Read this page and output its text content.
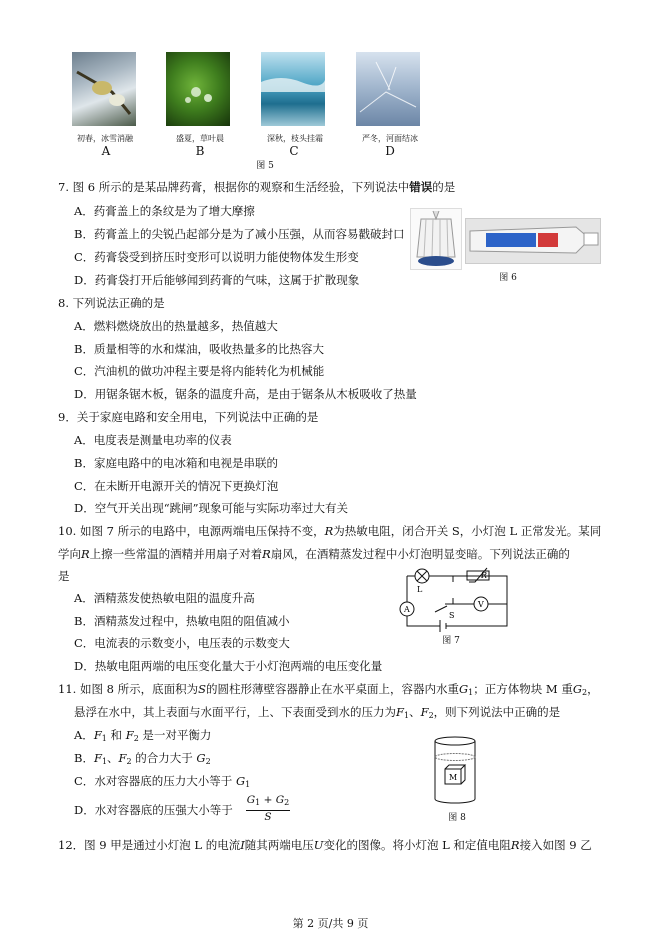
初春，冰雪消融	盛夏，草叶晨	深秋，枝头挂霜	严冬，河面结冰
A	B	C	D
图 5
7. 图 6 所示的是某品牌药膏，根据你的观察和生活经验，下列说法中错误的是
A．药膏盖上的条纹是为了增大摩擦
B．药膏盖上的尖锐凸起部分是为了减小压强，从而容易戳破封口
C．药膏袋受到挤压时变形可以说明力能使物体发生形变
D．药膏袋打开后能够闻到药膏的气味，这属于扩散现象	图 6
8. 下列说法正确的是
A．燃料燃烧放出的热量越多，热值越大
B．质量相等的水和煤油，吸收热量多的比热容大
C．汽油机的做功冲程主要是将内能转化为机械能
D．用锯条锯木板，锯条的温度升高，是由于锯条从木板吸收了热量
9．关于家庭电路和安全用电，下列说法中正确的是
A．电度表是测量电功率的仪表
B．家庭电路中的电冰箱和电视是串联的
C．在未断开电源开关的情况下更换灯泡
D．空气开关出现“跳闸”现象可能与实际功率过大有关
10. 如图 7 所示的电路中，电源两端电压保持不变，R为热敏电阻，闭合开关 S，小灯泡 L 正常发光。某同
学向R上擦一些常温的酒精并用扇子对着R扇风，在酒精蒸发过程中小灯泡明显变暗。下列说法正确的
是
A．酒精蒸发使热敏电阻的温度升高
B．酒精蒸发过程中，热敏电阻的阻值减小
C．电流表的示数变小，电压表的示数变大
D．热敏电阻两端的电压变化量大于小灯泡两端的电压变化量
L
R
A
V
S
图 7
11. 如图 8 所示，底面积为S的圆柱形薄壁容器静止在水平桌面上，容器内水重$G_1$；正方体物块 M 重$G_2$，
悬浮在水中，其上表面与水面平行，上、下表面受到水的压力为$F_1$、$F_2$，则下列说法中正确的是
A．$F_1$ 和 $F_2$ 是一对平衡力
B．$F_1$、$F_2$ 的合力大于 $G_2$
C．水对容器底的压力大小等于 $G_1$
D．水对容器底的压强大小等于 $\frac{G_1 + G_2}{S}$
M
图 8
12．图 9 甲是通过小灯泡 L 的电流I随其两端电压U变化的图像。将小灯泡 L 和定值电阻R接入如图 9 乙
第 2 页/共 9 页
